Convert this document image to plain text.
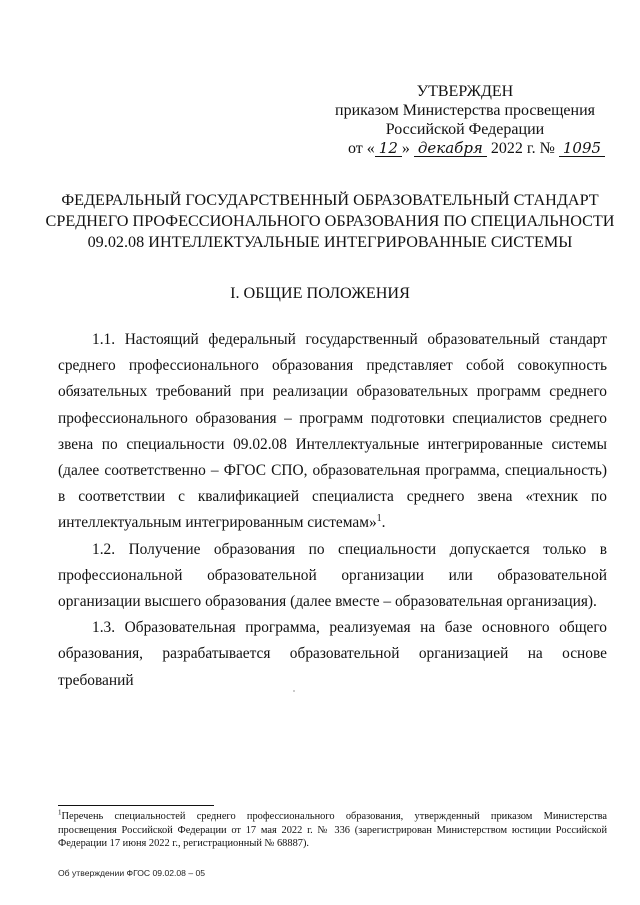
УТВЕРЖДЕН
приказом Министерства просвещения
Российской Федерации
от « 12 » декабря 2022 г. № 1095
ФЕДЕРАЛЬНЫЙ ГОСУДАРСТВЕННЫЙ ОБРАЗОВАТЕЛЬНЫЙ СТАНДАРТ
СРЕДНЕГО ПРОФЕССИОНАЛЬНОГО ОБРАЗОВАНИЯ ПО СПЕЦИАЛЬНОСТИ
09.02.08 ИНТЕЛЛЕКТУАЛЬНЫЕ ИНТЕГРИРОВАННЫЕ СИСТЕМЫ
I. ОБЩИЕ ПОЛОЖЕНИЯ

1.1. Настоящий федеральный государственный образовательный стандарт среднего профессионального образования представляет собой совокупность обязательных требований при реализации образовательных программ среднего профессионального образования – программ подготовки специалистов среднего звена по специальности 09.02.08 Интеллектуальные интегрированные системы (далее соответственно – ФГОС СПО, образовательная программа, специальность) в соответствии с квалификацией специалиста среднего звена «техник по интеллектуальным интегрированным системам»$^1$.

1.2. Получение образования по специальности допускается только в профессиональной образовательной организации или образовательной организации высшего образования (далее вместе – образовательная организация).

1.3. Образовательная программа, реализуемая на базе основного общего образования, разрабатывается образовательной организацией на основе требований

$^1$Перечень специальностей среднего профессионального образования, утвержденный приказом Министерства просвещения Российской Федерации от 17 мая 2022 г. № 336 (зарегистрирован Министерством юстиции Российской Федерации 17 июня 2022 г., регистрационный № 68887).
Об утверждении ФГОС 09.02.08 – 05
